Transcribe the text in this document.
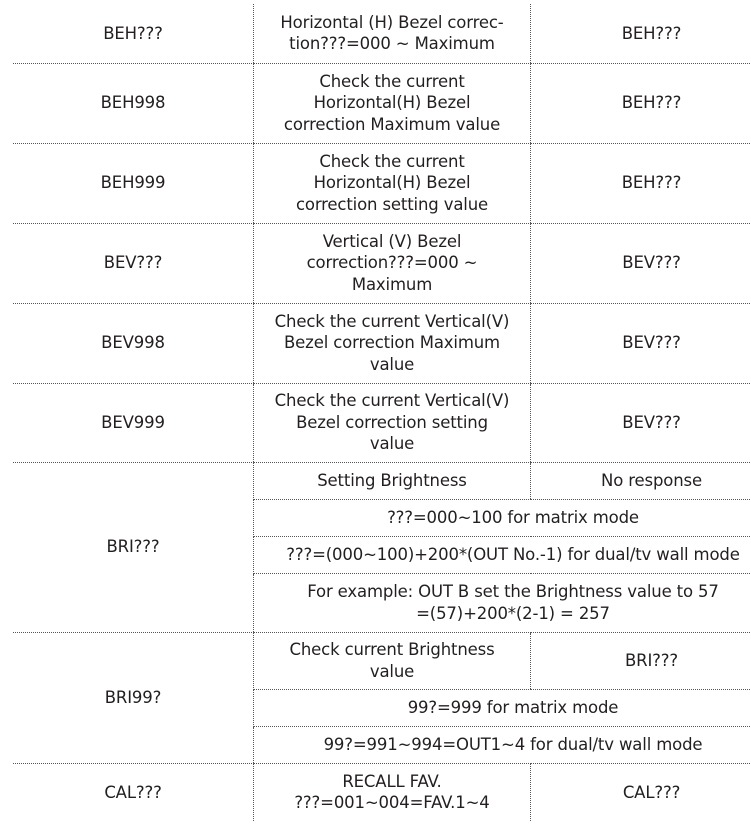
BEH???	Horizontal (H) Bezel correc-
tion???=000 ~ Maximum	BEH???
BEH998	Check the current
Horizontal(H) Bezel
correction Maximum value	BEH???
BEH999	Check the current
Horizontal(H) Bezel
correction setting value	BEH???
BEV???	Vertical (V) Bezel
correction???=000 ~
Maximum	BEV???
BEV998	Check the current Vertical(V)
Bezel correction Maximum
value	BEV???
BEV999	Check the current Vertical(V)
Bezel correction setting
value	BEV???
BRI???	Setting Brightness	No response
	???=000~100 for matrix mode	
	???=(000~100)+200*(OUT No.-1) for dual/tv wall mode	

	For example: OUT B set the Brightness value to 57
=(57)+200*(2-1) = 257	

BRI99?	Check current Brightness
value	BRI???
	99?=999 for matrix mode	
	99?=991~994=OUT1~4 for dual/tv wall mode	
CAL???	RECALL FAV.
???=001~004=FAV.1~4	CAL???
